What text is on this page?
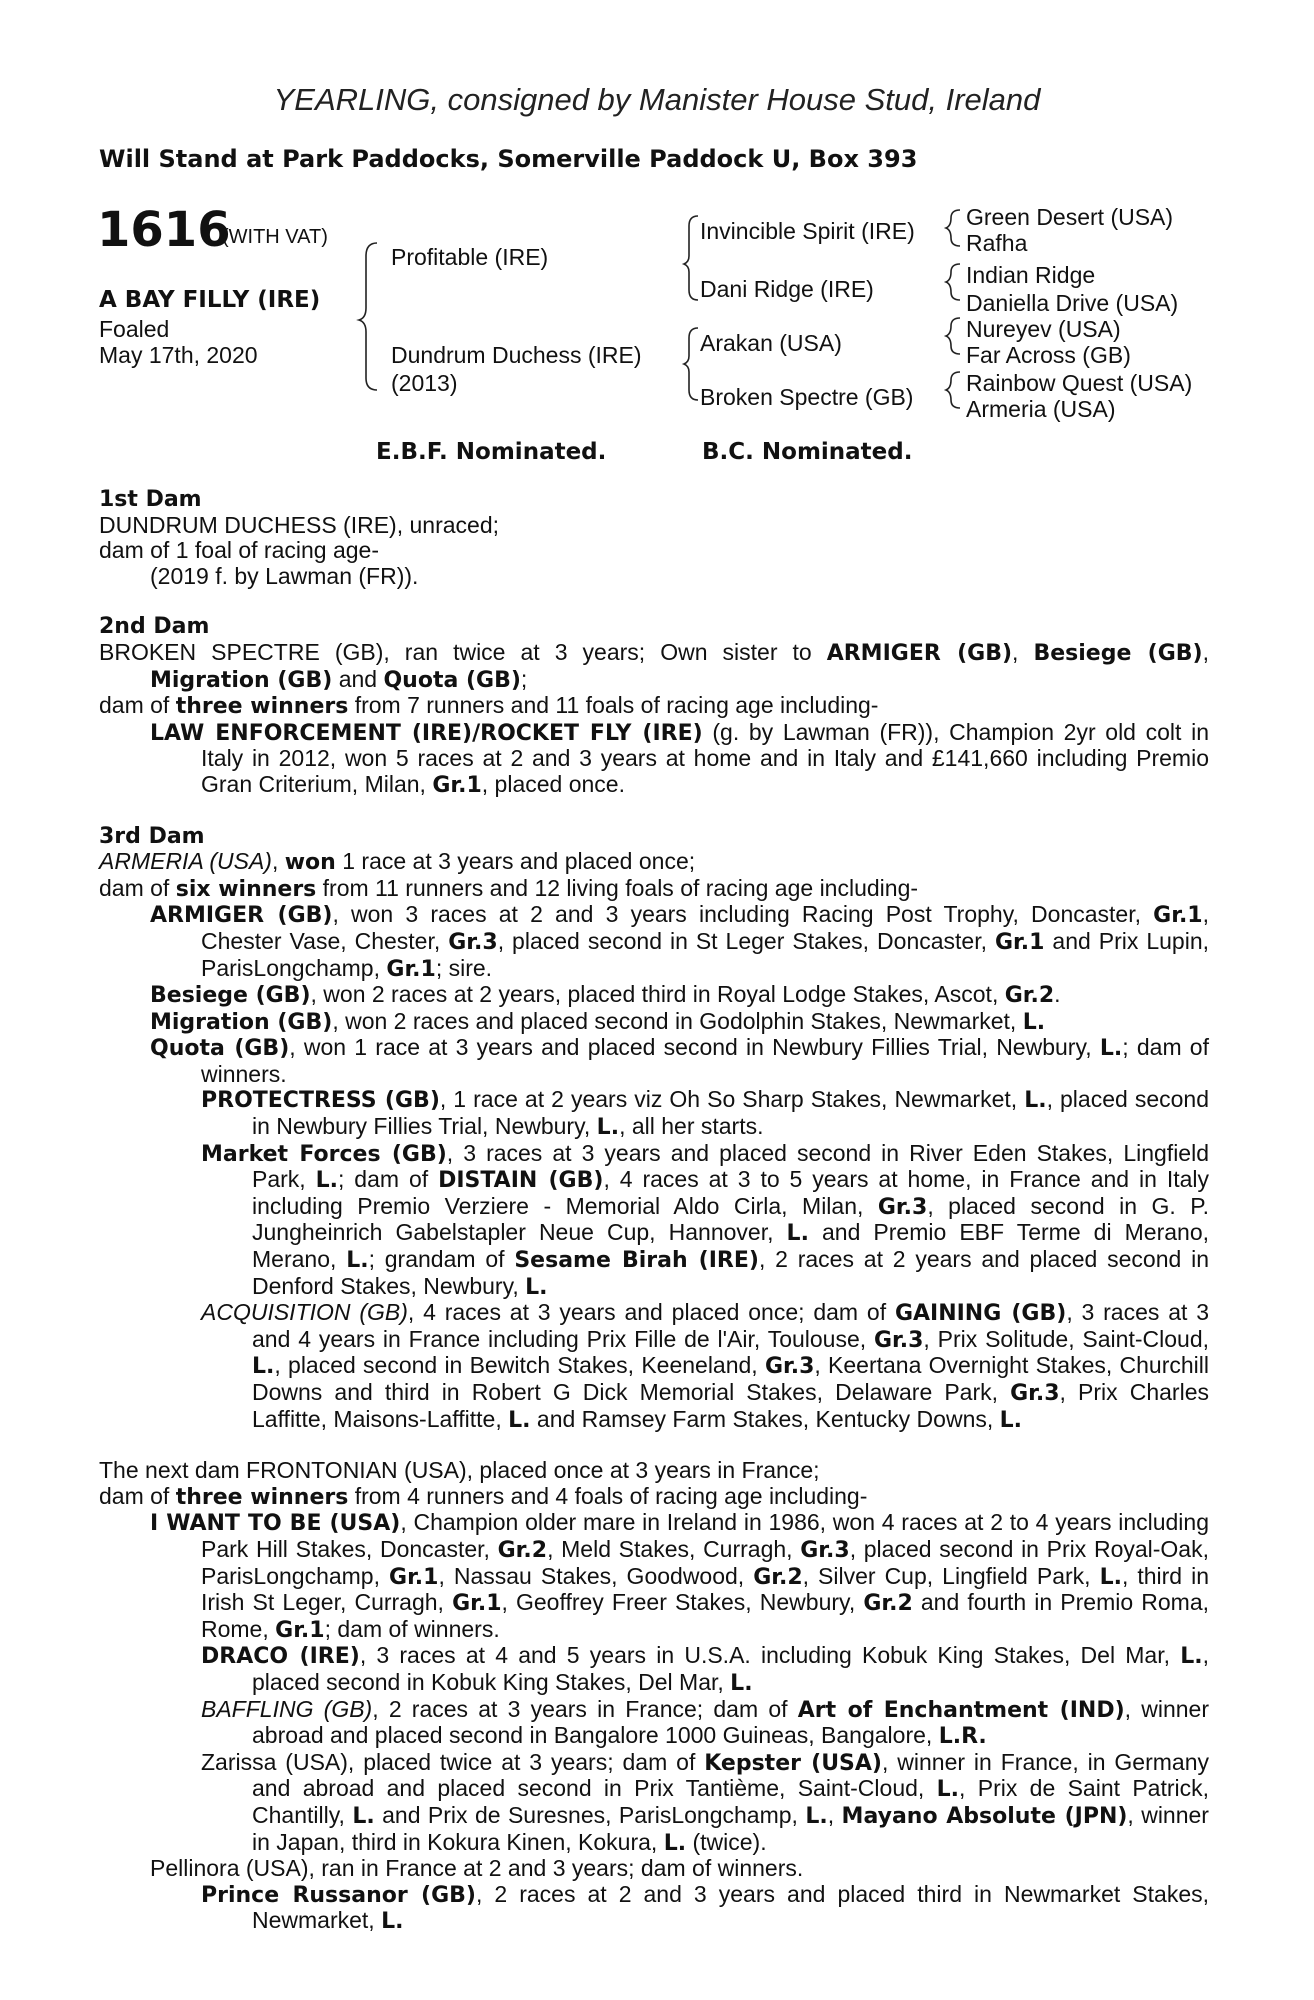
YEARLING, consigned by Manister House Stud, Ireland
Will Stand at Park Paddocks, Somerville Paddock U, Box 393
1616
(WITH VAT)
A BAY FILLY (IRE)
Foaled
May 17th, 2020
Profitable (IRE)
Dundrum Duchess (IRE)
(2013)
Invincible Spirit (IRE)
Dani Ridge (IRE)
Arakan (USA)
Broken Spectre (GB)
Green Desert (USA)
Rafha
Indian Ridge
Daniella Drive (USA)
Nureyev (USA)
Far Across (GB)
Rainbow Quest (USA)
Armeria (USA)
E.B.F. Nominated.	B.C. Nominated.
1st Dam
DUNDRUM DUCHESS (IRE), unraced;
dam of 1 foal of racing age-
(2019 f. by Lawman (FR)).
2nd Dam
BROKEN SPECTRE (GB), ran twice at 3 years; Own sister to ARMIGER (GB), Besiege (GB), Migration (GB) and Quota (GB);
dam of three winners from 7 runners and 11 foals of racing age including-
LAW ENFORCEMENT (IRE)/ROCKET FLY (IRE) (g. by Lawman (FR)), Champion 2yr old colt in Italy in 2012, won 5 races at 2 and 3 years at home and in Italy and £141,660 including Premio Gran Criterium, Milan, Gr.1, placed once.
3rd Dam
ARMERIA (USA), won 1 race at 3 years and placed once;
dam of six winners from 11 runners and 12 living foals of racing age including-
ARMIGER (GB), won 3 races at 2 and 3 years including Racing Post Trophy, Doncaster, Gr.1, Chester Vase, Chester, Gr.3, placed second in St Leger Stakes, Doncaster, Gr.1 and Prix Lupin, ParisLongchamp, Gr.1; sire.
Besiege (GB), won 2 races at 2 years, placed third in Royal Lodge Stakes, Ascot, Gr.2.
Migration (GB), won 2 races and placed second in Godolphin Stakes, Newmarket, L.
Quota (GB), won 1 race at 3 years and placed second in Newbury Fillies Trial, Newbury, L.; dam of winners.
PROTECTRESS (GB), 1 race at 2 years viz Oh So Sharp Stakes, Newmarket, L., placed second in Newbury Fillies Trial, Newbury, L., all her starts.
Market Forces (GB), 3 races at 3 years and placed second in River Eden Stakes, Lingfield Park, L.; dam of DISTAIN (GB), 4 races at 3 to 5 years at home, in France and in Italy including Premio Verziere - Memorial Aldo Cirla, Milan, Gr.3, placed second in G. P. Jungheinrich Gabelstapler Neue Cup, Hannover, L. and Premio EBF Terme di Merano, Merano, L.; grandam of Sesame Birah (IRE), 2 races at 2 years and placed second in Denford Stakes, Newbury, L.
ACQUISITION (GB), 4 races at 3 years and placed once; dam of GAINING (GB), 3 races at 3 and 4 years in France including Prix Fille de l'Air, Toulouse, Gr.3, Prix Solitude, Saint-Cloud, L., placed second in Bewitch Stakes, Keeneland, Gr.3, Keertana Overnight Stakes, Churchill Downs and third in Robert G Dick Memorial Stakes, Delaware Park, Gr.3, Prix Charles Laffitte, Maisons-Laffitte, L. and Ramsey Farm Stakes, Kentucky Downs, L.
The next dam FRONTONIAN (USA), placed once at 3 years in France;
dam of three winners from 4 runners and 4 foals of racing age including-
I WANT TO BE (USA), Champion older mare in Ireland in 1986, won 4 races at 2 to 4 years including Park Hill Stakes, Doncaster, Gr.2, Meld Stakes, Curragh, Gr.3, placed second in Prix Royal-Oak, ParisLongchamp, Gr.1, Nassau Stakes, Goodwood, Gr.2, Silver Cup, Lingfield Park, L., third in Irish St Leger, Curragh, Gr.1, Geoffrey Freer Stakes, Newbury, Gr.2 and fourth in Premio Roma, Rome, Gr.1; dam of winners.
DRACO (IRE), 3 races at 4 and 5 years in U.S.A. including Kobuk King Stakes, Del Mar, L., placed second in Kobuk King Stakes, Del Mar, L.
BAFFLING (GB), 2 races at 3 years in France; dam of Art of Enchantment (IND), winner abroad and placed second in Bangalore 1000 Guineas, Bangalore, L.R.
Zarissa (USA), placed twice at 3 years; dam of Kepster (USA), winner in France, in Germany and abroad and placed second in Prix Tantième, Saint-Cloud, L., Prix de Saint Patrick, Chantilly, L. and Prix de Suresnes, ParisLongchamp, L., Mayano Absolute (JPN), winner in Japan, third in Kokura Kinen, Kokura, L. (twice).
Pellinora (USA), ran in France at 2 and 3 years; dam of winners.
Prince Russanor (GB), 2 races at 2 and 3 years and placed third in Newmarket Stakes, Newmarket, L.
